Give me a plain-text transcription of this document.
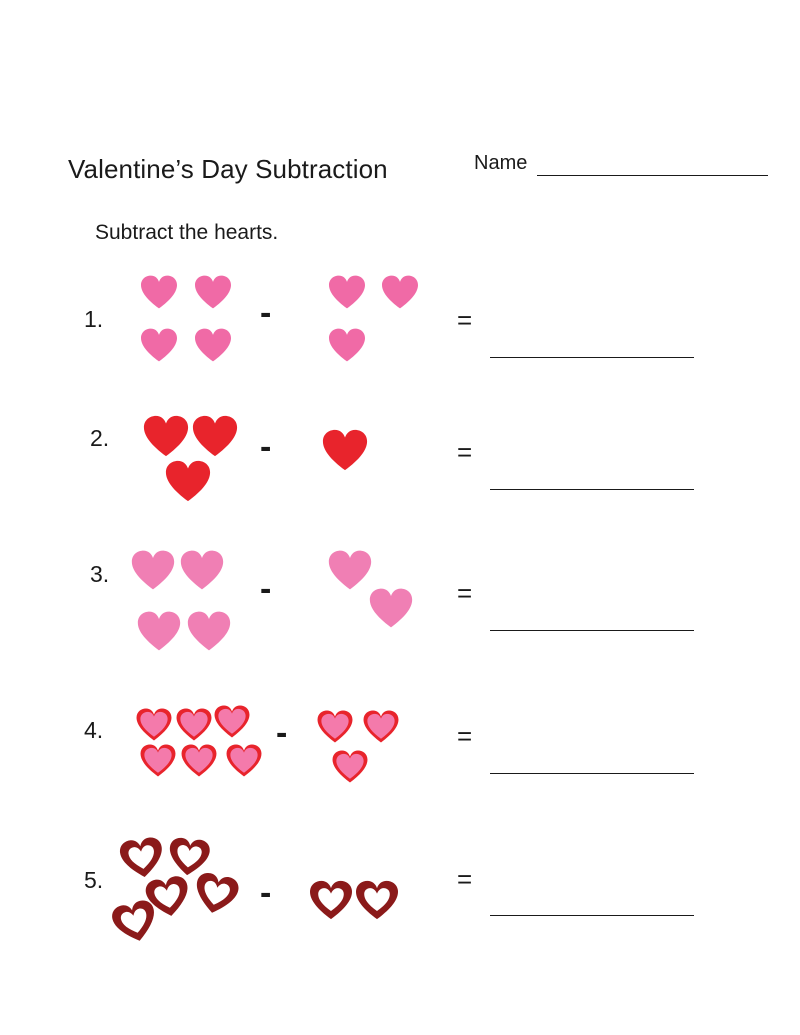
Valentine’s Day Subtraction	Name
Subtract the hearts.
1.	-	=
2.	-	=
3.	-	=
4.	-	=
5.	-	=
